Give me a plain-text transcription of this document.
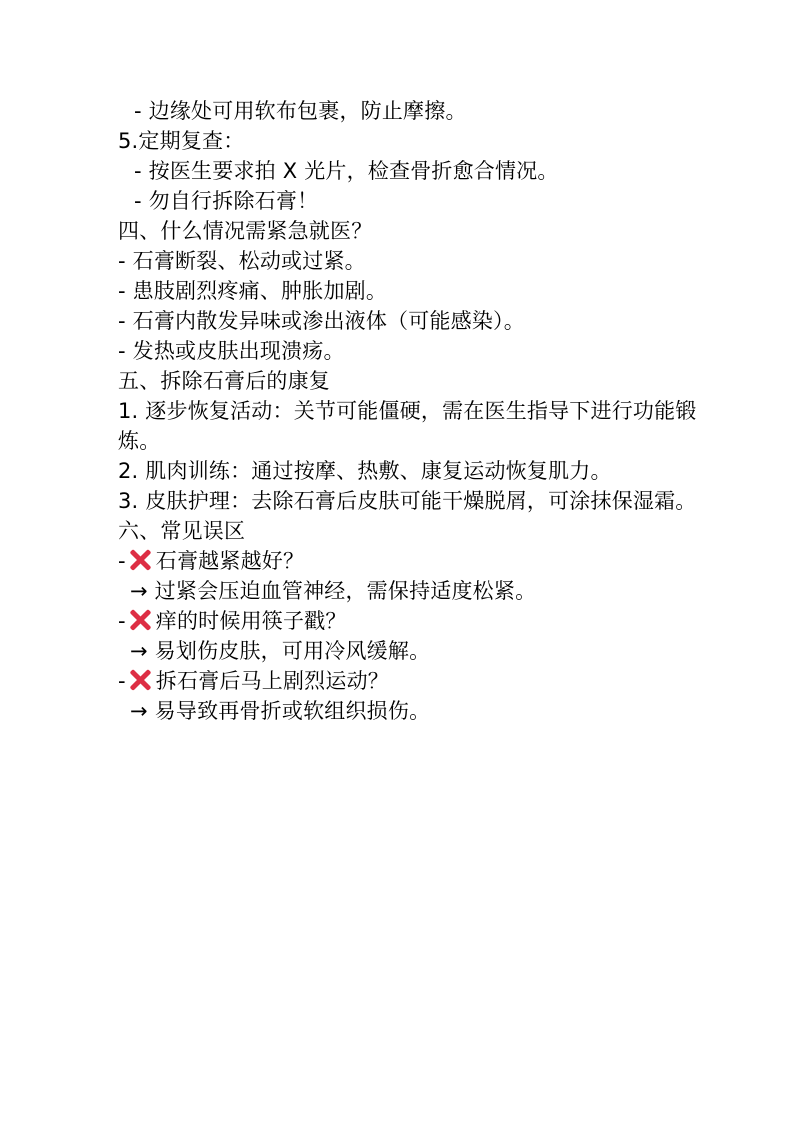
- 边缘处可用软布包裹，防止摩擦。
5.定期复查：
- 按医生要求拍 X 光片，检查骨折愈合情况。
- 勿自行拆除石膏！
四、什么情况需紧急就医？
- 石膏断裂、松动或过紧。
- 患肢剧烈疼痛、肿胀加剧。
- 石膏内散发异味或渗出液体（可能感染）。
- 发热或皮肤出现溃疡。
五、拆除石膏后的康复
1. 逐步恢复活动：关节可能僵硬，需在医生指导下进行功能锻炼。
2. 肌肉训练：通过按摩、热敷、康复运动恢复肌力。
3. 皮肤护理：去除石膏后皮肤可能干燥脱屑，可涂抹保湿霜。
六、常见误区
- 石膏越紧越好？
→ 过紧会压迫血管神经，需保持适度松紧。
- 痒的时候用筷子戳？
→ 易划伤皮肤，可用冷风缓解。
- 拆石膏后马上剧烈运动？
→ 易导致再骨折或软组织损伤。
